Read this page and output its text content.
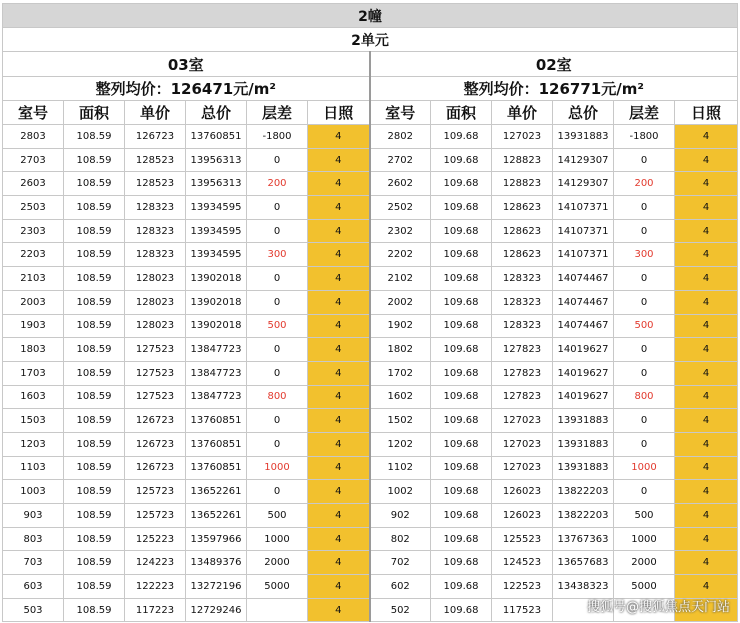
2幢											
2单元											
03室						02室					
整列均价：126471元/m²						整列均价：126771元/m²					
室号	面积	单价	总价	层差	日照	室号	面积	单价	总价	层差	日照
2803	108.59	126723	13760851	-1800	4	2802	109.68	127023	13931883	-1800	4
2703	108.59	128523	13956313	0	4	2702	109.68	128823	14129307	0	4
2603	108.59	128523	13956313	200	4	2602	109.68	128823	14129307	200	4
2503	108.59	128323	13934595	0	4	2502	109.68	128623	14107371	0	4
2303	108.59	128323	13934595	0	4	2302	109.68	128623	14107371	0	4
2203	108.59	128323	13934595	300	4	2202	109.68	128623	14107371	300	4
2103	108.59	128023	13902018	0	4	2102	109.68	128323	14074467	0	4
2003	108.59	128023	13902018	0	4	2002	109.68	128323	14074467	0	4
1903	108.59	128023	13902018	500	4	1902	109.68	128323	14074467	500	4
1803	108.59	127523	13847723	0	4	1802	109.68	127823	14019627	0	4
1703	108.59	127523	13847723	0	4	1702	109.68	127823	14019627	0	4
1603	108.59	127523	13847723	800	4	1602	109.68	127823	14019627	800	4
1503	108.59	126723	13760851	0	4	1502	109.68	127023	13931883	0	4
1203	108.59	126723	13760851	0	4	1202	109.68	127023	13931883	0	4
1103	108.59	126723	13760851	1000	4	1102	109.68	127023	13931883	1000	4
1003	108.59	125723	13652261	0	4	1002	109.68	126023	13822203	0	4
903	108.59	125723	13652261	500	4	902	109.68	126023	13822203	500	4
803	108.59	125223	13597966	1000	4	802	109.68	125523	13767363	1000	4
703	108.59	124223	13489376	2000	4	702	109.68	124523	13657683	2000	4
603	108.59	122223	13272196	5000	4	602	109.68	122523	13438323	5000	4
503	108.59	117223	12729246		4	502	109.68	117523				搜狐号@搜狐焦点天门站
